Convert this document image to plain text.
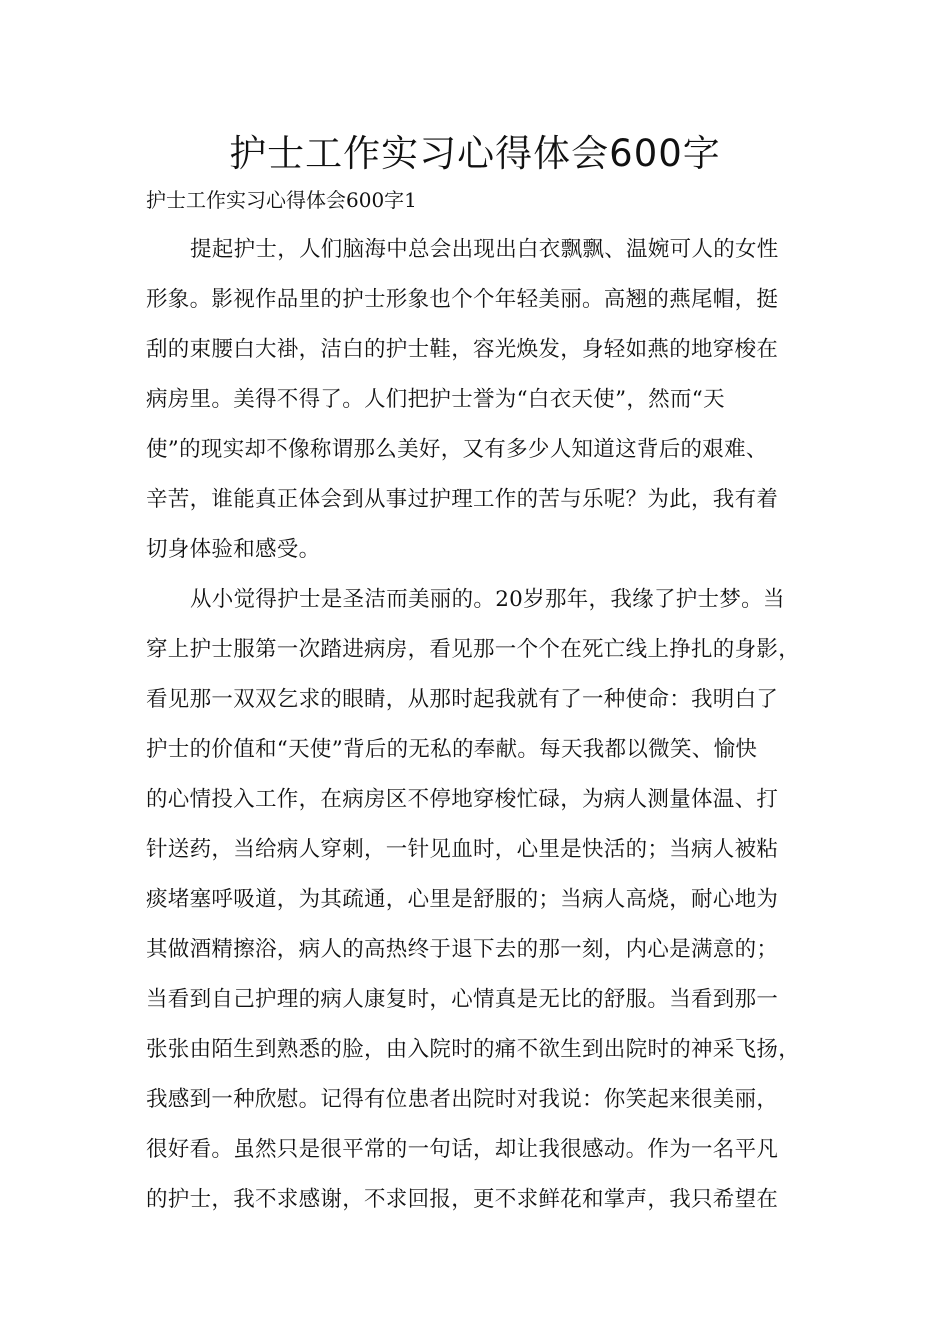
护士工作实习心得体会600字

护士工作实习心得体会600字1

提起护士，人们脑海中总会出现出白衣飘飘、温婉可人的女性
形象。影视作品里的护士形象也个个年轻美丽。高翘的燕尾帽，挺
刮的束腰白大褂，洁白的护士鞋，容光焕发，身轻如燕的地穿梭在
病房里。美得不得了。人们把护士誉为“白衣天使”，然而“天
使”的现实却不像称谓那么美好，又有多少人知道这背后的艰难、
辛苦，谁能真正体会到从事过护理工作的苦与乐呢？为此，我有着
切身体验和感受。
从小觉得护士是圣洁而美丽的。20岁那年，我缘了护士梦。当
穿上护士服第一次踏进病房，看见那一个个在死亡线上挣扎的身影，
看见那一双双乞求的眼睛，从那时起我就有了一种使命：我明白了
护士的价值和“天使”背后的无私的奉献。每天我都以微笑、愉快
的心情投入工作，在病房区不停地穿梭忙碌，为病人测量体温、打
针送药，当给病人穿刺，一针见血时，心里是快活的；当病人被粘
痰堵塞呼吸道，为其疏通，心里是舒服的；当病人高烧，耐心地为
其做酒精擦浴，病人的高热终于退下去的那一刻，内心是满意的；
当看到自己护理的病人康复时，心情真是无比的舒服。当看到那一
张张由陌生到熟悉的脸，由入院时的痛不欲生到出院时的神采飞扬，
我感到一种欣慰。记得有位患者出院时对我说：你笑起来很美丽，
很好看。虽然只是很平常的一句话，却让我很感动。作为一名平凡
的护士，我不求感谢，不求回报，更不求鲜花和掌声，我只希望在
